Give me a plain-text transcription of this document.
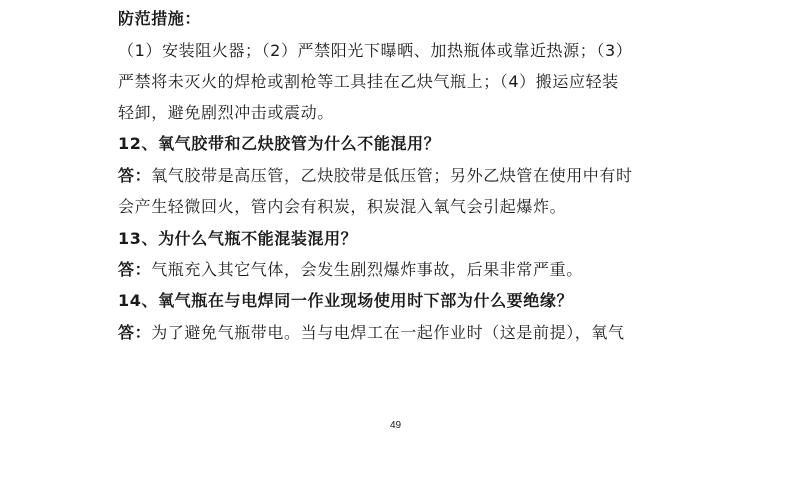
防范措施：
（1）安装阻火器；（2）严禁阳光下曝晒、加热瓶体或靠近热源；（3）
严禁将未灭火的焊枪或割枪等工具挂在乙炔气瓶上；（4）搬运应轻装
轻卸，避免剧烈冲击或震动。
12、氧气胶带和乙炔胶管为什么不能混用？
答：氧气胶带是高压管，乙炔胶带是低压管；另外乙炔管在使用中有时
会产生轻微回火，管内会有积炭，积炭混入氧气会引起爆炸。
13、为什么气瓶不能混装混用？
答：气瓶充入其它气体，会发生剧烈爆炸事故，后果非常严重。
14、氧气瓶在与电焊同一作业现场使用时下部为什么要绝缘？
答：为了避免气瓶带电。当与电焊工在一起作业时（这是前提），氧气
49
